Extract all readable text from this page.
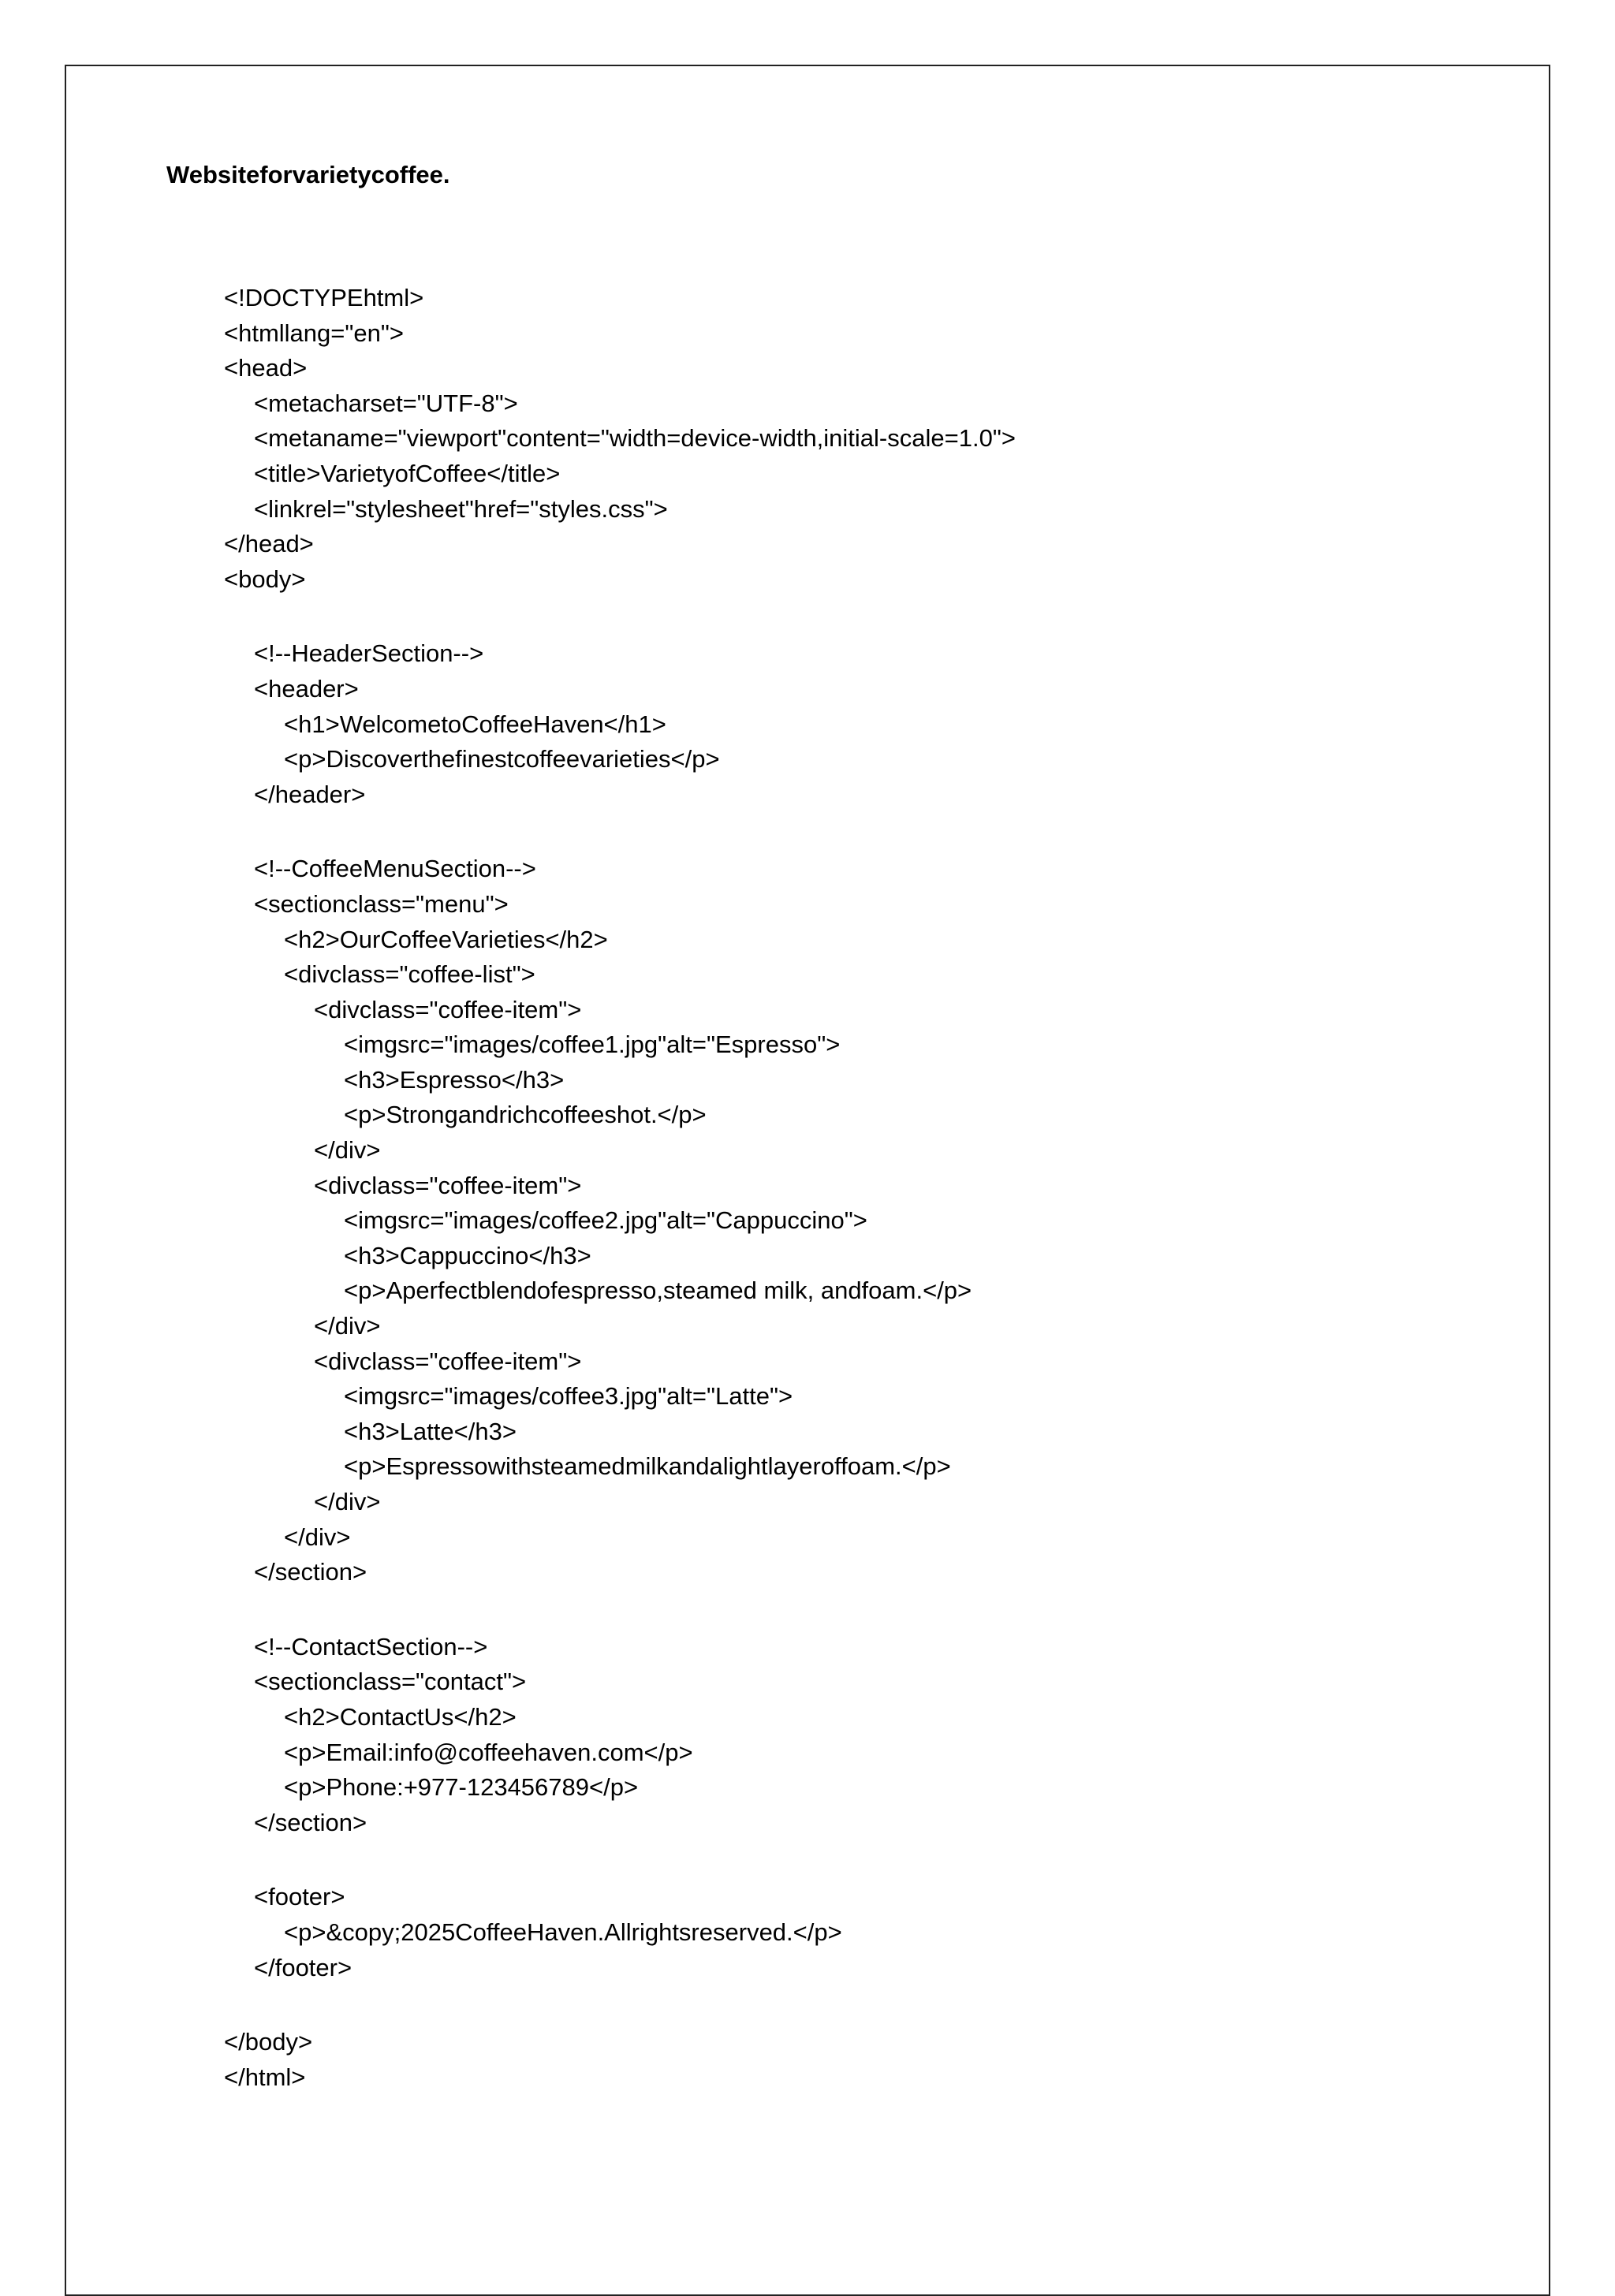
Websiteforvarietycoffee.
<!DOCTYPEhtml>
<htmllang="en">
<head>
<metacharset="UTF-8">
<metaname="viewport"content="width=device-width,initial-scale=1.0">
<title>VarietyofCoffee</title>
<linkrel="stylesheet"href="styles.css">
</head>
<body>
<!--HeaderSection-->
<header>
<h1>WelcometoCoffeeHaven</h1>
<p>Discoverthefinestcoffeevarieties</p>
</header>
<!--CoffeeMenuSection-->
<sectionclass="menu">
<h2>OurCoffeeVarieties</h2>
<divclass="coffee-list">
<divclass="coffee-item">
<imgsrc="images/coffee1.jpg"alt="Espresso">
<h3>Espresso</h3>
<p>Strongandrichcoffeeshot.</p>
</div>
<divclass="coffee-item">
<imgsrc="images/coffee2.jpg"alt="Cappuccino">
<h3>Cappuccino</h3>
<p>Aperfectblendofespresso,steamed milk, andfoam.</p>
</div>
<divclass="coffee-item">
<imgsrc="images/coffee3.jpg"alt="Latte">
<h3>Latte</h3>
<p>Espressowithsteamedmilkandalightlayeroffoam.</p>
</div>
</div>
</section>
<!--ContactSection-->
<sectionclass="contact">
<h2>ContactUs</h2>
<p>Email:info@coffeehaven.com</p>
<p>Phone:+977-123456789</p>
</section>
<footer>
<p>&copy;2025CoffeeHaven.Allrightsreserved.</p>
</footer>
</body>
</html>
